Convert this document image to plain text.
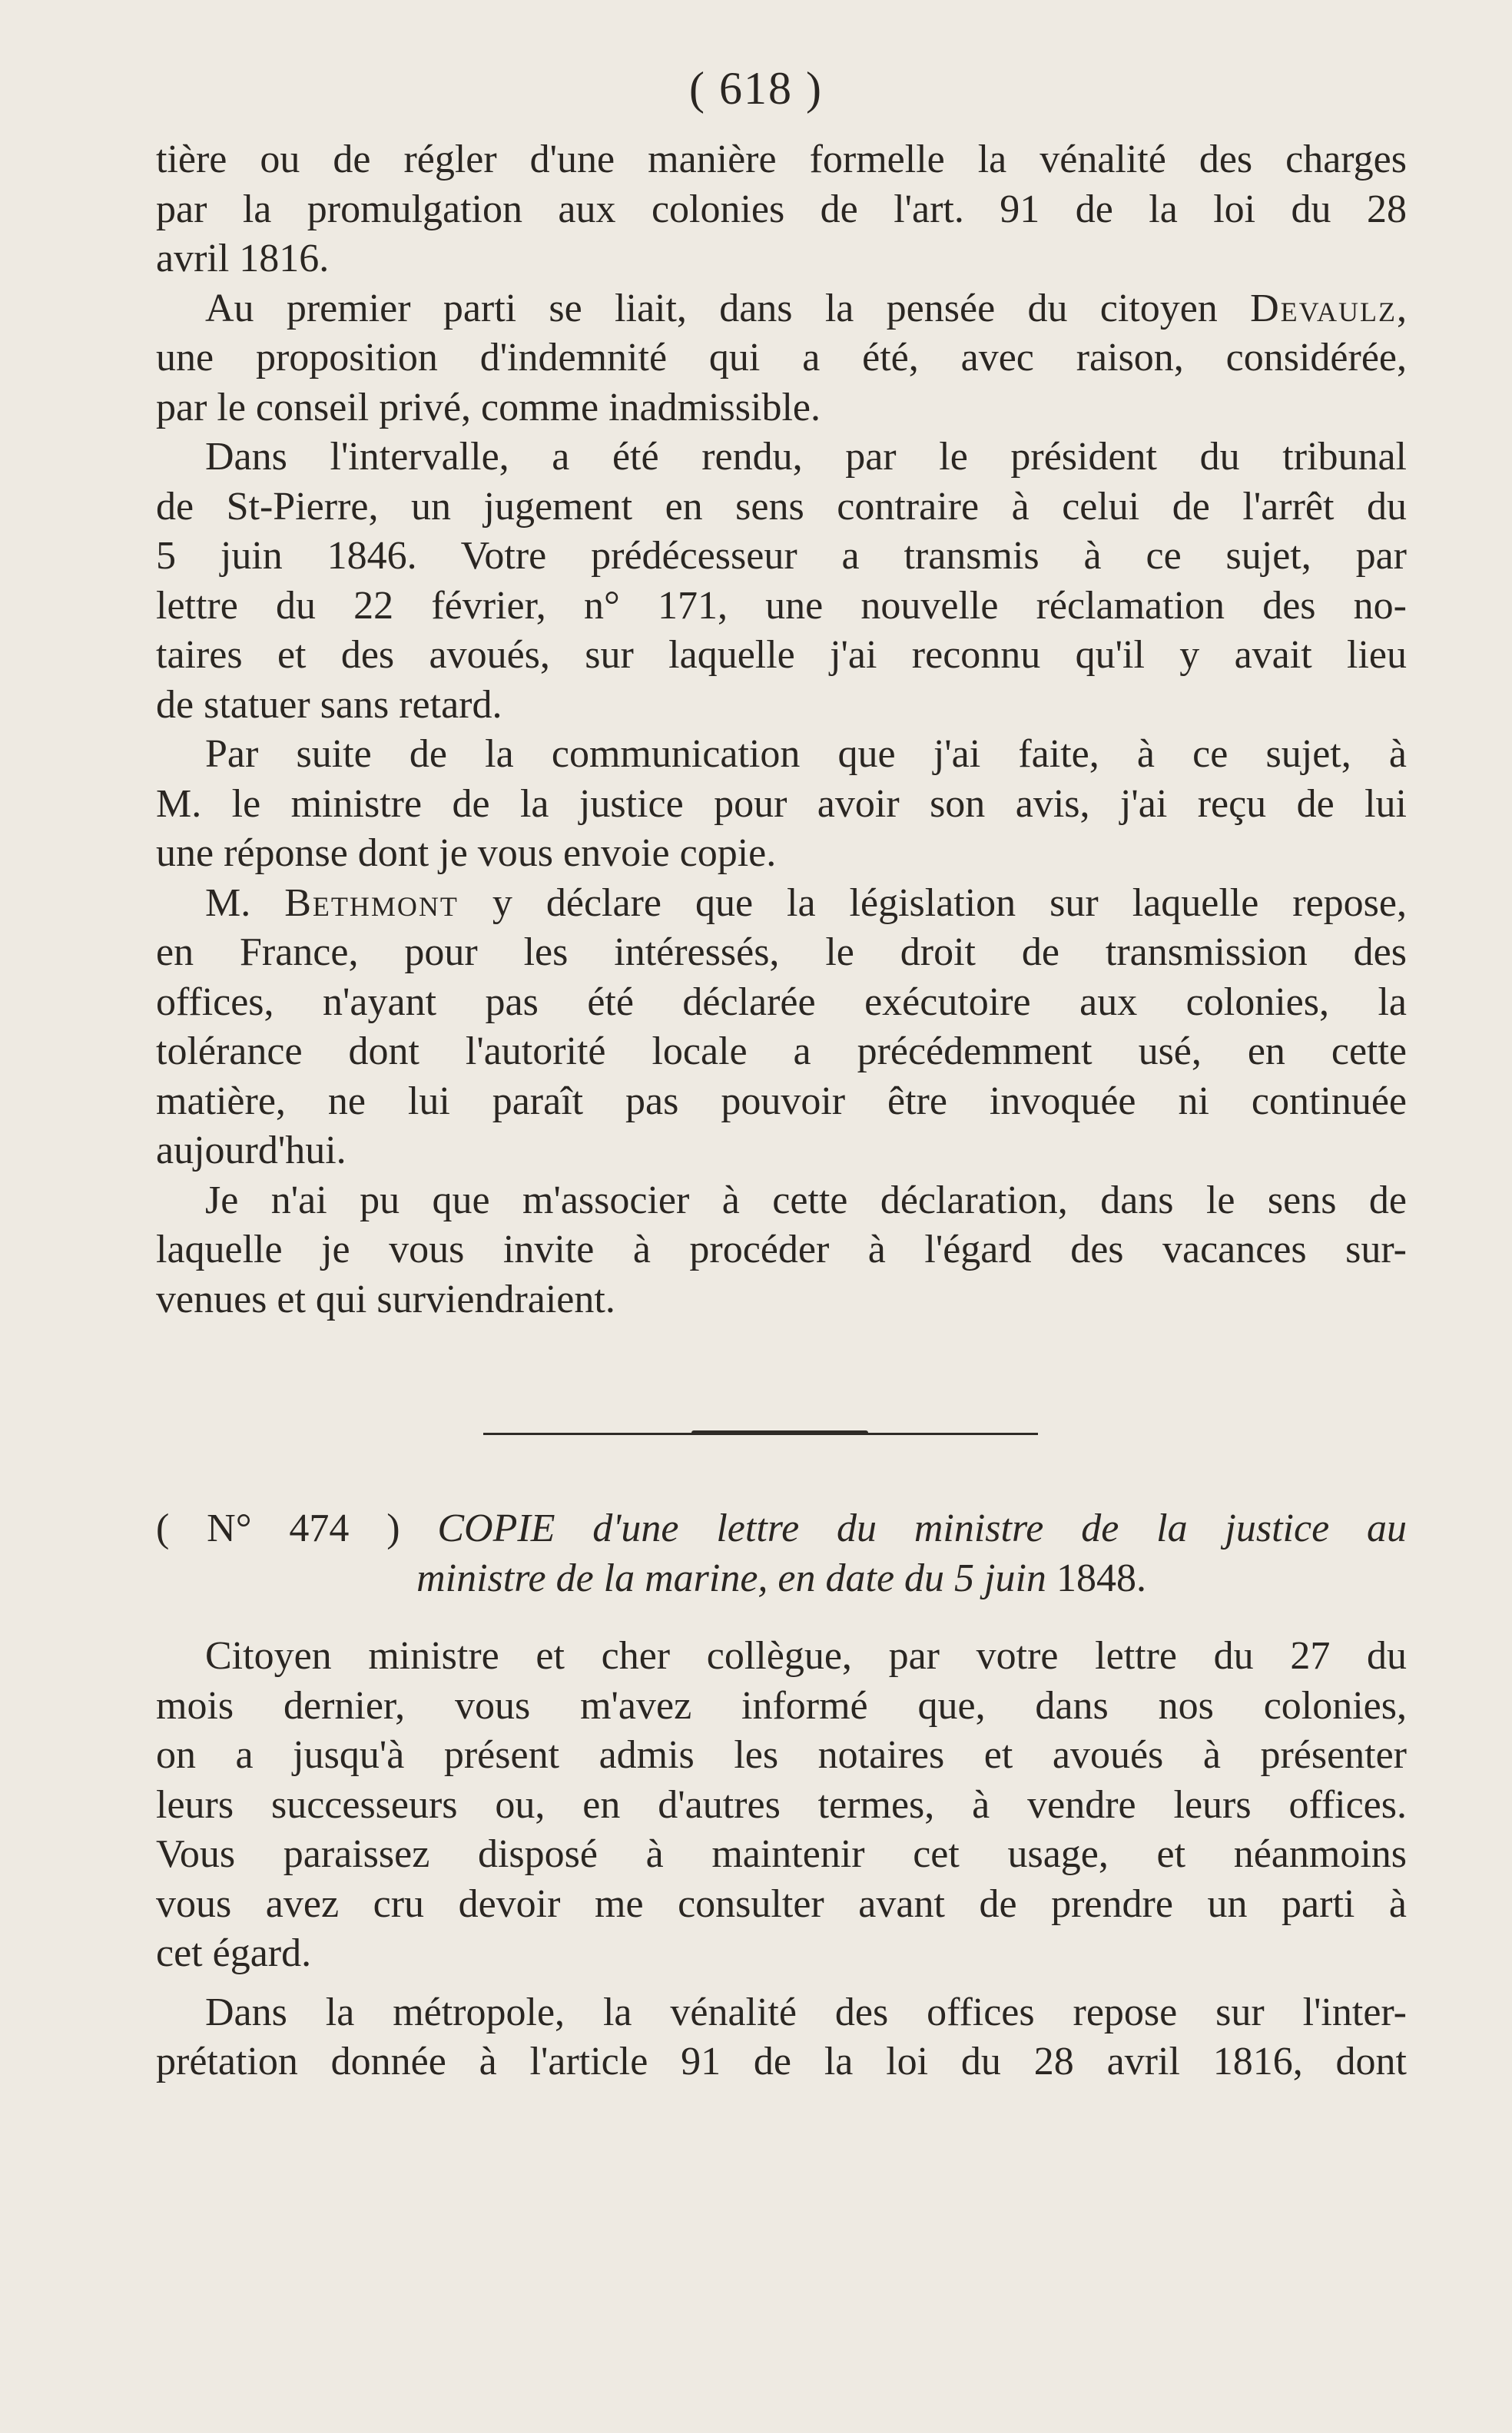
( 618 )
tière ou de régler d'une manière formelle la vénalité des charges
par la promulgation aux colonies de l'art. 91 de la loi du 28
avril 1816.
Au premier parti se liait, dans la pensée du citoyen Devaulz,
une proposition d'indemnité qui a été, avec raison, considérée,
par le conseil privé, comme inadmissible.
Dans l'intervalle, a été rendu, par le président du tribunal
de St-Pierre, un jugement en sens contraire à celui de l'arrêt du
5 juin 1846. Votre prédécesseur a transmis à ce sujet, par
lettre du 22 février, n° 171, une nouvelle réclamation des no-
taires et des avoués, sur laquelle j'ai reconnu qu'il y avait lieu
de statuer sans retard.
Par suite de la communication que j'ai faite, à ce sujet, à
M. le ministre de la justice pour avoir son avis, j'ai reçu de lui
une réponse dont je vous envoie copie.
M. Bethmont y déclare que la législation sur laquelle repose,
en France, pour les intéressés, le droit de transmission des
offices, n'ayant pas été déclarée exécutoire aux colonies, la
tolérance dont l'autorité locale a précédemment usé, en cette
matière, ne lui paraît pas pouvoir être invoquée ni continuée
aujourd'hui.
Je n'ai pu que m'associer à cette déclaration, dans le sens de
laquelle je vous invite à procéder à l'égard des vacances sur-
venues et qui surviendraient.
( N° 474 ) COPIE d'une lettre du ministre de la justice au
ministre de la marine, en date du 5 juin 1848.
Citoyen ministre et cher collègue, par votre lettre du 27 du
mois dernier, vous m'avez informé que, dans nos colonies,
on a jusqu'à présent admis les notaires et avoués à présenter
leurs successeurs ou, en d'autres termes, à vendre leurs offices.
Vous paraissez disposé à maintenir cet usage, et néanmoins
vous avez cru devoir me consulter avant de prendre un parti à
cet égard.
Dans la métropole, la vénalité des offices repose sur l'inter-
prétation donnée à l'article 91 de la loi du 28 avril 1816, dont
